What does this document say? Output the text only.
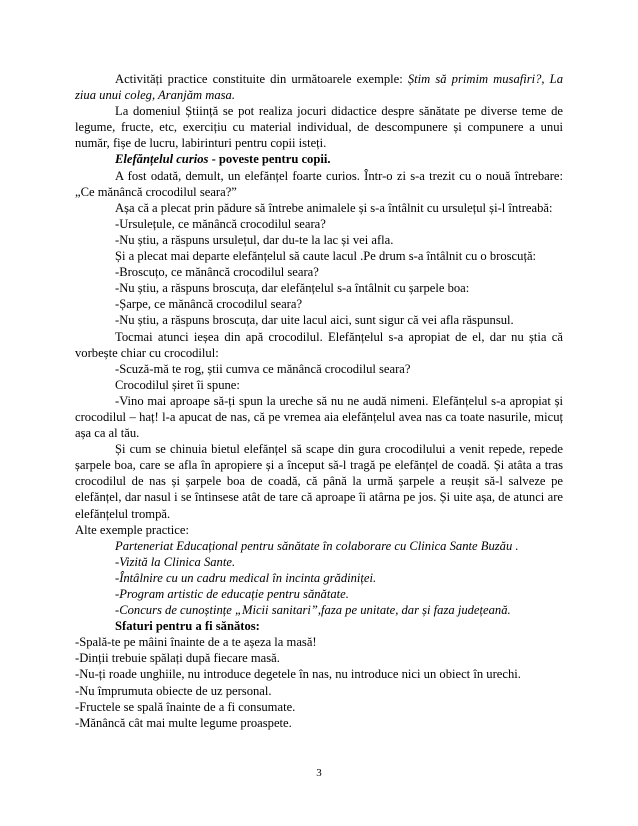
Activități practice constituite din următoarele exemple: Știm să primim musafiri?, La ziua unui coleg, Aranjăm masa.

La domeniul Știință se pot realiza jocuri didactice despre sănătate pe diverse teme de legume, fructe, etc, exercițiu cu material individual, de descompunere și compunere a unui număr, fișe de lucru, labirinturi pentru copii isteți.

Elefănțelul curios - poveste pentru copii.

A fost odată, demult, un elefănțel foarte curios. Într-o zi s-a trezit cu o nouă întrebare: „Ce mănâncă crocodilul seara?”

Așa că a plecat prin pădure să întrebe animalele și s-a întâlnit cu ursulețul și-l întreabă:

-Ursulețule, ce mănâncă crocodilul seara?

-Nu știu, a răspuns ursulețul, dar du-te la lac și vei afla.

Și a plecat mai departe elefănțelul să caute lacul .Pe drum s-a întâlnit cu o broscuță:

-Broscuțo, ce mănâncă crocodilul seara?

-Nu știu, a răspuns broscuța, dar elefănțelul s-a întâlnit cu șarpele boa:

-Șarpe, ce mănâncă crocodilul seara?

-Nu știu, a răspuns broscuța, dar uite lacul aici, sunt sigur că vei afla răspunsul.

Tocmai atunci ieșea din apă crocodilul. Elefănțelul s-a apropiat de el, dar nu știa că vorbește chiar cu crocodilul:

-Scuză-mă te rog, știi cumva ce mănâncă crocodilul seara?

Crocodilul șiret îi spune:

-Vino mai aproape să-ți spun la ureche să nu ne audă nimeni. Elefănțelul s-a apropiat și crocodilul – haț! l-a apucat de nas, că pe vremea aia elefănțelul avea nas ca toate nasurile, micuț așa ca al tău.

Și cum se chinuia bietul elefănțel să scape din gura crocodilului a venit repede, repede șarpele boa, care se afla în apropiere și a început să-l tragă pe elefănțel de coadă. Și atâta a tras crocodilul de nas și șarpele boa de coadă, că până la urmă șarpele a reușit să-l salveze pe elefănțel, dar nasul i se întinsese atât de tare că aproape îi atârna pe jos. Și uite așa, de atunci are elefănțelul trompă.

Alte exemple practice:

Parteneriat Educațional pentru sănătate în colaborare cu Clinica Sante Buzău .

-Vizită la Clinica Sante.

-Întâlnire cu un cadru medical în incinta grădiniței.

-Program artistic de educație pentru sănătate.

-Concurs de cunoștințe „Micii sanitari”,faza pe unitate, dar și faza județeană.

Sfaturi pentru a fi sănătos:

-Spală-te pe mâini înainte de a te așeza la masă!

-Dinții trebuie spălați după fiecare masă.

-Nu-ți roade unghiile, nu introduce degetele în nas, nu introduce nici un obiect în urechi.

-Nu împrumuta obiecte de uz personal.

-Fructele se spală înainte de a fi consumate.

-Mănâncă cât mai multe legume proaspete.

3
